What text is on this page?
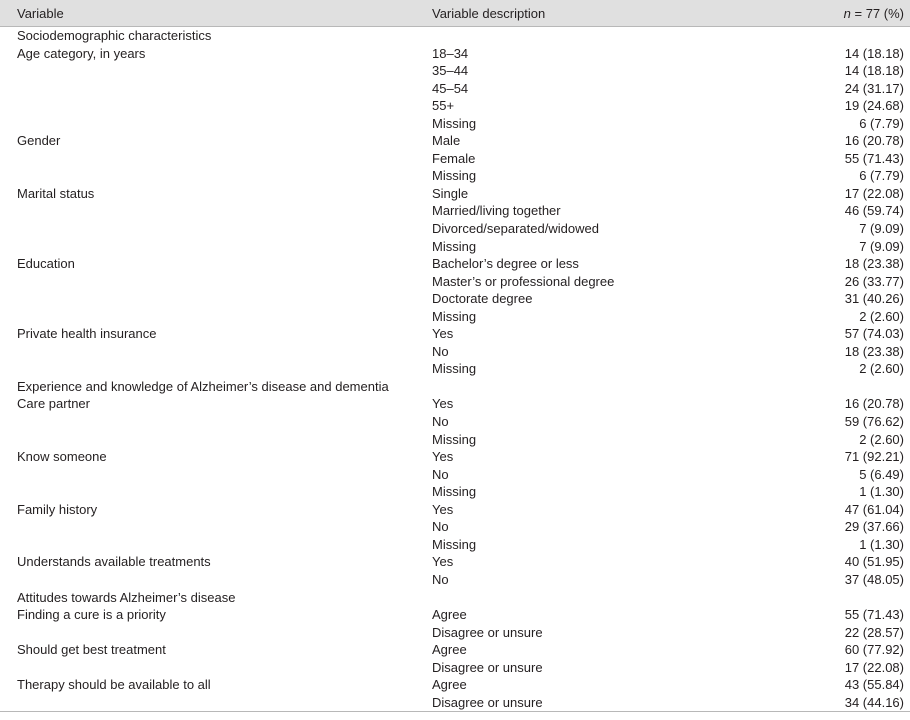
Variable	Variable description	n = 77 (%)
Sociodemographic characteristics		
Age category, in years	18–34	14 (18.18)
	35–44	14 (18.18)
	45–54	24 (31.17)
	55+	19 (24.68)
	Missing	6 (7.79)
Gender	Male	16 (20.78)
	Female	55 (71.43)
	Missing	6 (7.79)
Marital status	Single	17 (22.08)
	Married/living together	46 (59.74)
	Divorced/separated/widowed	7 (9.09)
	Missing	7 (9.09)
Education	Bachelor’s degree or less	18 (23.38)
	Master’s or professional degree	26 (33.77)
	Doctorate degree	31 (40.26)
	Missing	2 (2.60)
Private health insurance	Yes	57 (74.03)
	No	18 (23.38)
	Missing	2 (2.60)
Experience and knowledge of Alzheimer’s disease and dementia		
Care partner	Yes	16 (20.78)
	No	59 (76.62)
	Missing	2 (2.60)
Know someone	Yes	71 (92.21)
	No	5 (6.49)
	Missing	1 (1.30)
Family history	Yes	47 (61.04)
	No	29 (37.66)
	Missing	1 (1.30)
Understands available treatments	Yes	40 (51.95)
	No	37 (48.05)
Attitudes towards Alzheimer’s disease		
Finding a cure is a priority	Agree	55 (71.43)
	Disagree or unsure	22 (28.57)
Should get best treatment	Agree	60 (77.92)
	Disagree or unsure	17 (22.08)
Therapy should be available to all	Agree	43 (55.84)
	Disagree or unsure	34 (44.16)
